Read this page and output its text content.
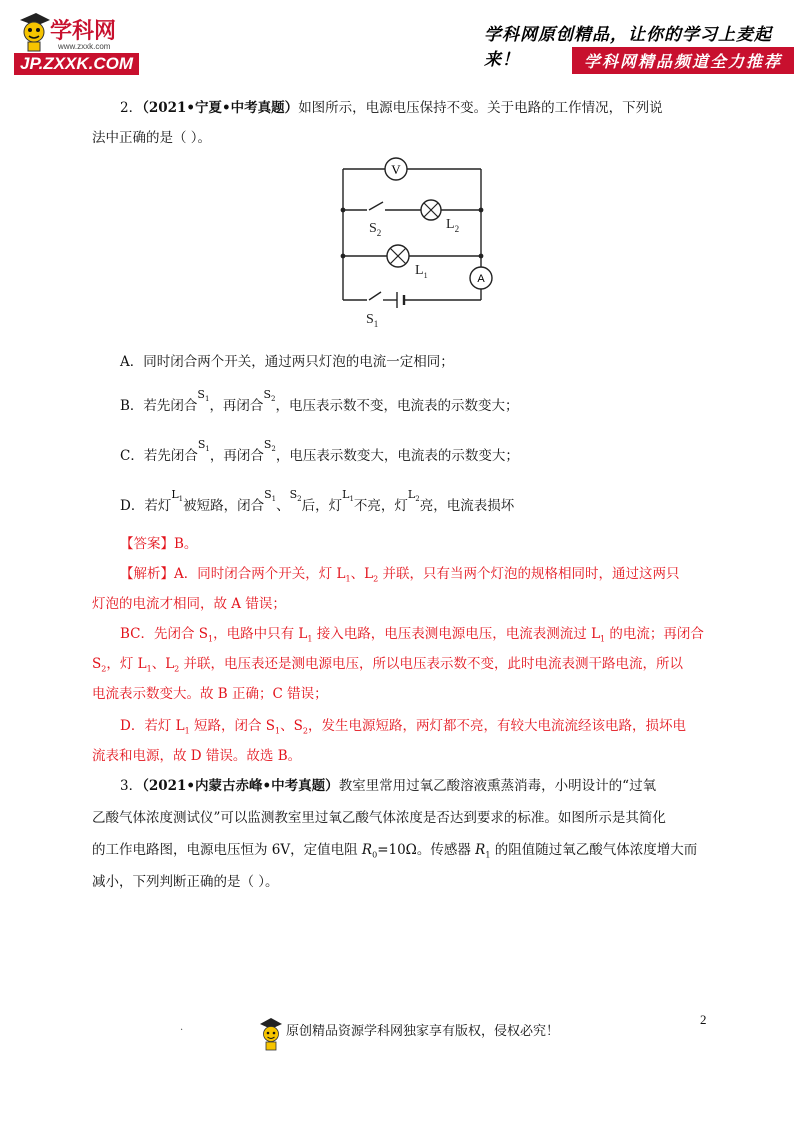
学科网
www.zxxk.com
JP.ZXXK.COM
学科网原创精品，让你的学习上麦起来！	学科网精品频道全力推荐
2．（2021•宁夏•中考真题）如图所示，电源电压保持不变。关于电路的工作情况，下列说
法中正确的是（ ）。
V
A
$S_2$
$L_2$
$L_1$
$S_1$
A．同时闭合两个开关，通过两只灯泡的电流一定相同；
B．若先闭合$^{S_1}$，再闭合$^{S_2}$，电压表示数不变，电流表的示数变大；
C．若先闭合$^{S_1}$，再闭合$^{S_2}$，电压表示数变大，电流表的示数变大；
D．若灯$^{L_1}$被短路，闭合$^{S_1}$、$^{S_2}$后，灯$^{L_1}$不亮，灯$^{L_2}$亮，电流表损坏
【答案】B。
【解析】A．同时闭合两个开关，灯 $L_1$、$L_2$ 并联，只有当两个灯泡的规格相同时，通过这两只
灯泡的电流才相同，故 A 错误；
BC．先闭合 $S_1$，电路中只有 $L_1$ 接入电路，电压表测电源电压，电流表测流过 $L_1$ 的电流；再闭合
$S_2$，灯 $L_1$、$L_2$ 并联，电压表还是测电源电压，所以电压表示数不变，此时电流表测干路电流，所以
电流表示数变大。故 B 正确；C 错误；
D．若灯 $L_1$ 短路，闭合 $S_1$、$S_2$，发生电源短路，两灯都不亮，有较大电流流经该电路，损坏电
流表和电源，故 D 错误。故选 B。
3．（2021•内蒙古赤峰•中考真题）教室里常用过氧乙酸溶液熏蒸消毒，小明设计的“过氧
乙酸气体浓度测试仪”可以监测教室里过氧乙酸气体浓度是否达到要求的标准。如图所示是其简化
的工作电路图，电源电压恒为 6V，定值电阻 $R_0=10\Omega$。传感器 $R_1$ 的阻值随过氧乙酸气体浓度增大而
减小，下列判断正确的是（ ）。
2
.	原创精品资源学科网独家享有版权，侵权必究！
